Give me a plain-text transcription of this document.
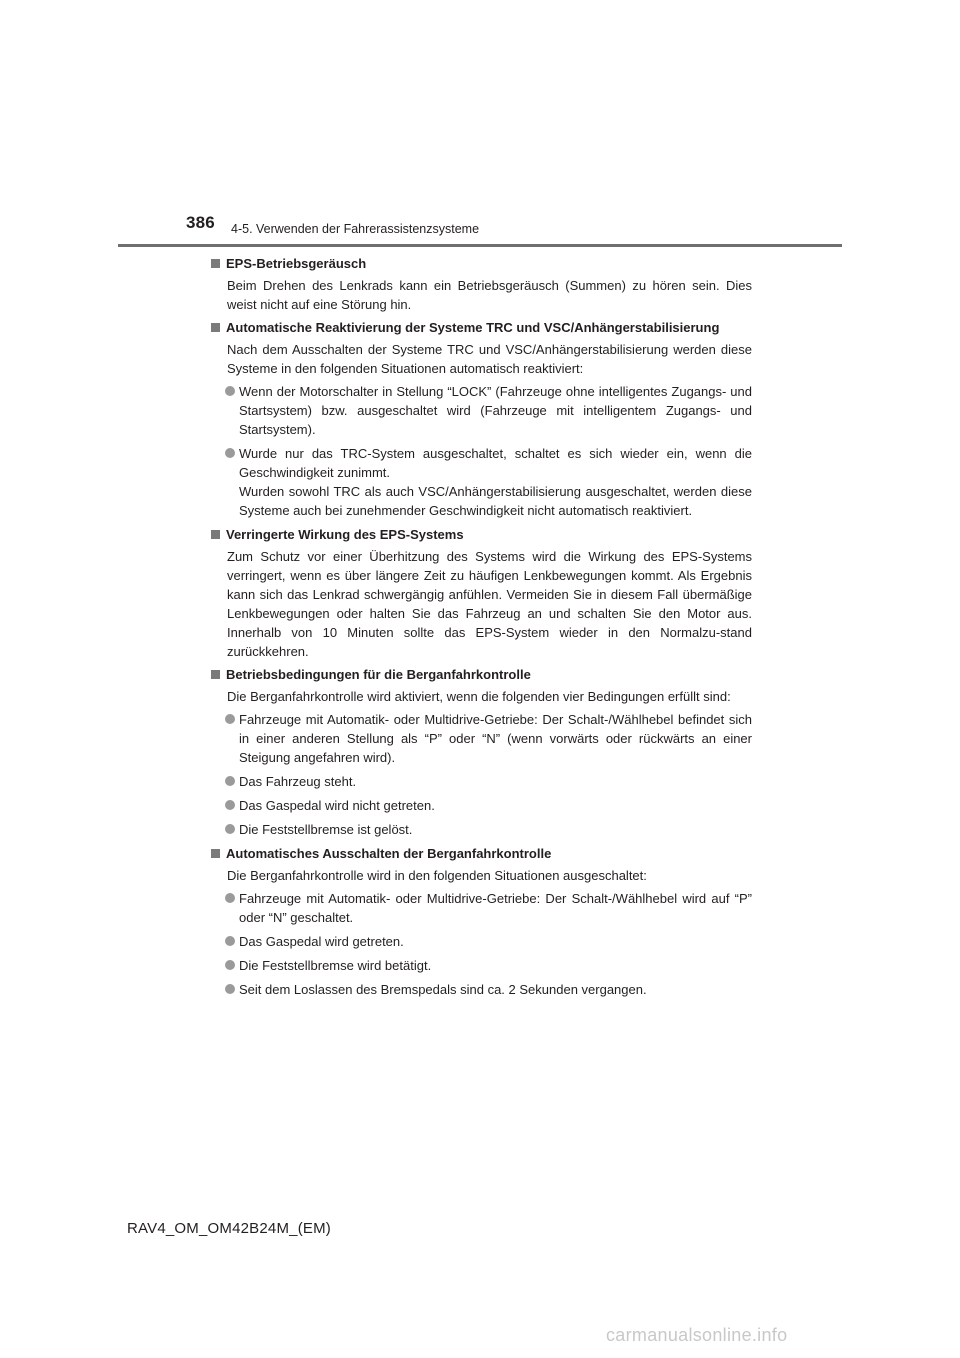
386 4-5. Verwenden der Fahrerassistenzsysteme
EPS-Betriebsgeräusch

Beim Drehen des Lenkrads kann ein Betriebsgeräusch (Summen) zu hören sein. Dies weist nicht auf eine Störung hin.

Automatische Reaktivierung der Systeme TRC und VSC/Anhängerstabilisierung

Nach dem Ausschalten der Systeme TRC und VSC/Anhängerstabilisierung werden diese Systeme in den folgenden Situationen automatisch reaktiviert:

Wenn der Motorschalter in Stellung “LOCK” (Fahrzeuge ohne intelligentes Zugangs- und Startsystem) bzw. ausgeschaltet wird (Fahrzeuge mit intelligentem Zugangs- und Startsystem).

Wurde nur das TRC-System ausgeschaltet, schaltet es sich wieder ein, wenn die Geschwindigkeit zunimmt.

Wurden sowohl TRC als auch VSC/Anhängerstabilisierung ausgeschaltet, werden diese Systeme auch bei zunehmender Geschwindigkeit nicht automatisch reaktiviert.

Verringerte Wirkung des EPS-Systems

Zum Schutz vor einer Überhitzung des Systems wird die Wirkung des EPS-Systems verringert, wenn es über längere Zeit zu häufigen Lenkbewegungen kommt. Als Ergebnis kann sich das Lenkrad schwergängig anfühlen. Vermeiden Sie in diesem Fall übermäßige Lenkbewegungen oder halten Sie das Fahrzeug an und schalten Sie den Motor aus. Innerhalb von 10 Minuten sollte das EPS-System wieder in den Normalzu-stand zurückkehren.

Betriebsbedingungen für die Berganfahrkontrolle

Die Berganfahrkontrolle wird aktiviert, wenn die folgenden vier Bedingungen erfüllt sind:

Fahrzeuge mit Automatik- oder Multidrive-Getriebe: Der Schalt-/Wählhebel befindet sich in einer anderen Stellung als “P” oder “N” (wenn vorwärts oder rückwärts an einer Steigung angefahren wird).

Das Fahrzeug steht.

Das Gaspedal wird nicht getreten.

Die Feststellbremse ist gelöst.

Automatisches Ausschalten der Berganfahrkontrolle

Die Berganfahrkontrolle wird in den folgenden Situationen ausgeschaltet:

Fahrzeuge mit Automatik- oder Multidrive-Getriebe: Der Schalt-/Wählhebel wird auf “P” oder “N” geschaltet.

Das Gaspedal wird getreten.

Die Feststellbremse wird betätigt.

Seit dem Loslassen des Bremspedals sind ca. 2 Sekunden vergangen.

RAV4_OM_OM42B24M_(EM)
carmanualsonline.info
